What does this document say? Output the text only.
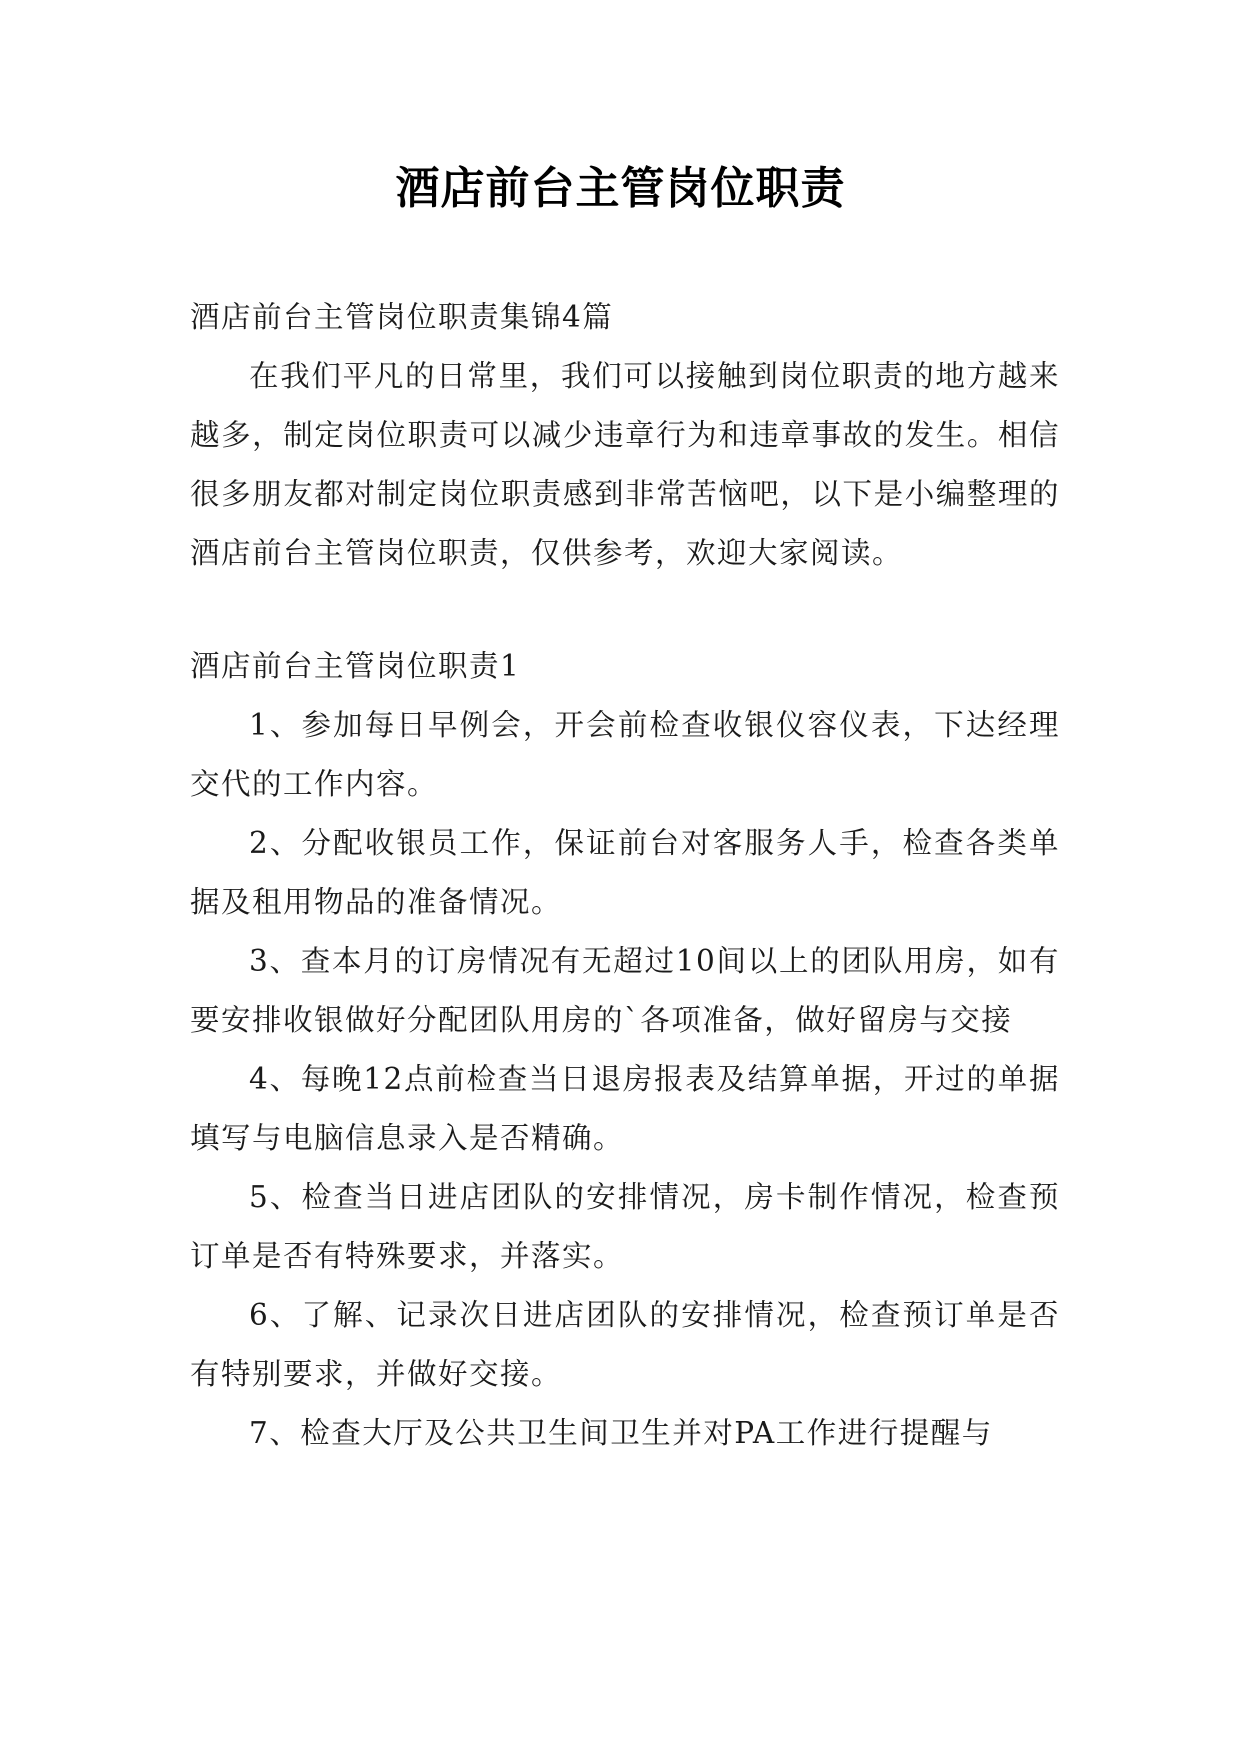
酒店前台主管岗位职责

酒店前台主管岗位职责集锦4篇

在我们平凡的日常里，我们可以接触到岗位职责的地方越来越多，制定岗位职责可以减少违章行为和违章事故的发生。相信很多朋友都对制定岗位职责感到非常苦恼吧，以下是小编整理的酒店前台主管岗位职责，仅供参考，欢迎大家阅读。

酒店前台主管岗位职责1

1、参加每日早例会，开会前检查收银仪容仪表，下达经理交代的工作内容。

2、分配收银员工作，保证前台对客服务人手，检查各类单据及租用物品的准备情况。

3、查本月的订房情况有无超过10间以上的团队用房，如有要安排收银做好分配团队用房的`各项准备，做好留房与交接

4、每晚12点前检查当日退房报表及结算单据，开过的单据填写与电脑信息录入是否精确。

5、检查当日进店团队的安排情况，房卡制作情况，检查预订单是否有特殊要求，并落实。

6、了解、记录次日进店团队的安排情况，检查预订单是否有特别要求，并做好交接。

7、检查大厅及公共卫生间卫生并对PA工作进行提醒与
